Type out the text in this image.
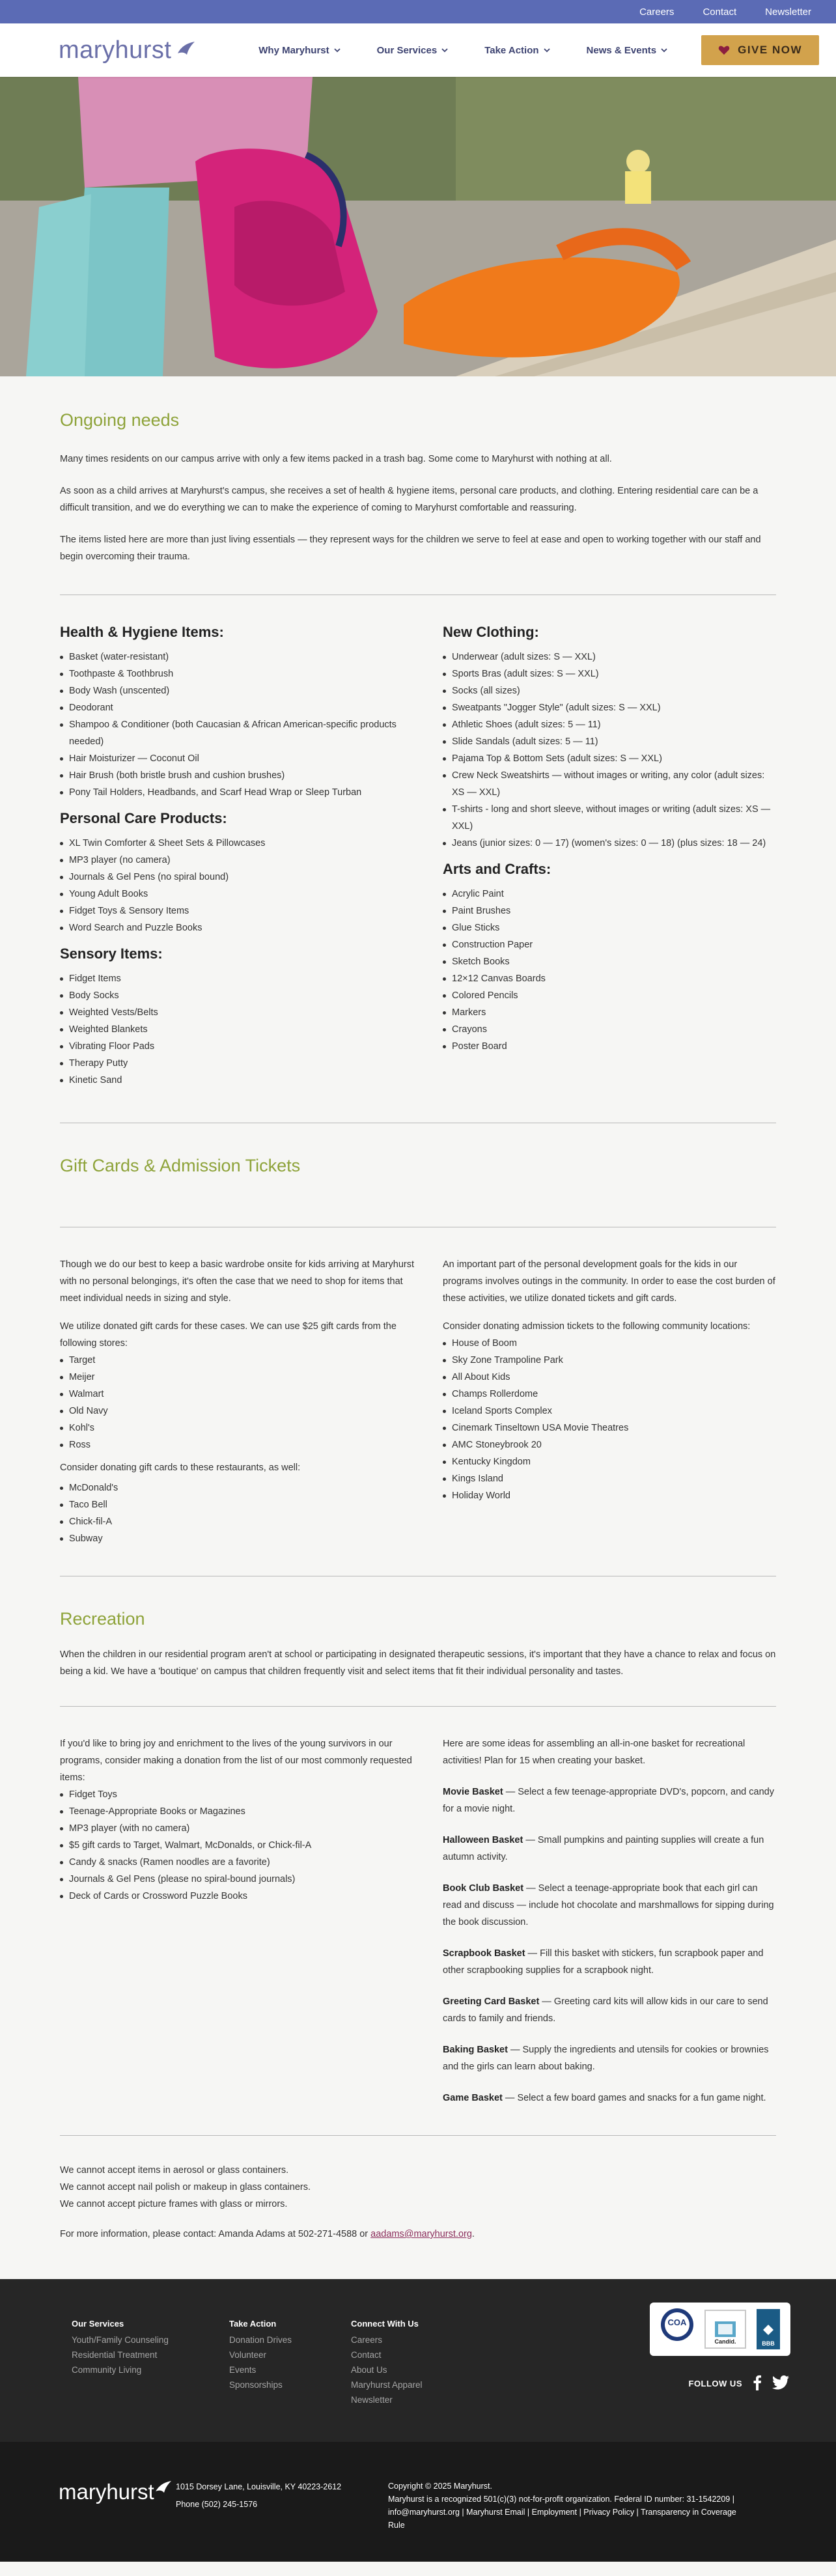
Careers	Contact	Newsletter
maryhurst	Why Maryhurst	Our Services	Take Action	News & Events	GIVE NOW
Ongoing needs

Many times residents on our campus arrive with only a few items packed in a trash bag. Some come to Maryhurst with nothing at all.

As soon as a child arrives at Maryhurst's campus, she receives a set of health & hygiene items, personal care products, and clothing. Entering residential care can be a difficult transition, and we do everything we can to make the experience of coming to Maryhurst comfortable and reassuring.

The items listed here are more than just living essentials — they represent ways for the children we serve to feel at ease and open to working together with our staff and begin overcoming their trauma.

Health & Hygiene Items:
Basket (water-resistant)
Toothpaste & Toothbrush
Body Wash (unscented)
Deodorant
Shampoo & Conditioner (both Caucasian & African American-specific products needed)
Hair Moisturizer — Coconut Oil
Hair Brush (both bristle brush and cushion brushes)
Pony Tail Holders, Headbands, and Scarf Head Wrap or Sleep Turban
Personal Care Products:
XL Twin Comforter & Sheet Sets & Pillowcases
MP3 player (no camera)
Journals & Gel Pens (no spiral bound)
Young Adult Books
Fidget Toys & Sensory Items
Word Search and Puzzle Books
Sensory Items:
Fidget Items
Body Socks
Weighted Vests/Belts
Weighted Blankets
Vibrating Floor Pads
Therapy Putty
Kinetic Sand
New Clothing:
Underwear (adult sizes: S — XXL)
Sports Bras (adult sizes: S — XXL)
Socks (all sizes)
Sweatpants "Jogger Style" (adult sizes: S — XXL)
Athletic Shoes (adult sizes: 5 — 11)
Slide Sandals (adult sizes: 5 — 11)
Pajama Top & Bottom Sets (adult sizes: S — XXL)
Crew Neck Sweatshirts — without images or writing, any color (adult sizes: XS — XXL)
T-shirts - long and short sleeve, without images or writing (adult sizes: XS — XXL)
Jeans (junior sizes: 0 — 17) (women's sizes: 0 — 18) (plus sizes: 18 — 24)
Arts and Crafts:
Acrylic Paint
Paint Brushes
Glue Sticks
Construction Paper
Sketch Books
12×12 Canvas Boards
Colored Pencils
Markers
Crayons
Poster Board
Gift Cards & Admission Tickets

Though we do our best to keep a basic wardrobe onsite for kids arriving at Maryhurst with no personal belongings, it's often the case that we need to shop for items that meet individual needs in sizing and style.

We utilize donated gift cards for these cases. We can use $25 gift cards from the following stores:

Target
Meijer
Walmart
Old Navy
Kohl's
Ross

Consider donating gift cards to these restaurants, as well:

McDonald's
Taco Bell
Chick-fil-A
Subway

An important part of the personal development goals for the kids in our programs involves outings in the community. In order to ease the cost burden of these activities, we utilize donated tickets and gift cards.

Consider donating admission tickets to the following community locations:

House of Boom
Sky Zone Trampoline Park
All About Kids
Champs Rollerdome
Iceland Sports Complex
Cinemark Tinseltown USA Movie Theatres
AMC Stoneybrook 20
Kentucky Kingdom
Kings Island
Holiday World
Recreation

When the children in our residential program aren't at school or participating in designated therapeutic sessions, it's important that they have a chance to relax and focus on being a kid. We have a 'boutique' on campus that children frequently visit and select items that fit their individual personality and tastes.

If you'd like to bring joy and enrichment to the lives of the young survivors in our programs, consider making a donation from the list of our most commonly requested items:

Fidget Toys
Teenage-Appropriate Books or Magazines
MP3 player (with no camera)
$5 gift cards to Target, Walmart, McDonalds, or Chick-fil-A
Candy & snacks (Ramen noodles are a favorite)
Journals & Gel Pens (please no spiral-bound journals)
Deck of Cards or Crossword Puzzle Books

Here are some ideas for assembling an all-in-one basket for recreational activities! Plan for 15 when creating your basket.

Movie Basket — Select a few teenage-appropriate DVD's, popcorn, and candy for a movie night.

Halloween Basket — Small pumpkins and painting supplies will create a fun autumn activity.

Book Club Basket — Select a teenage-appropriate book that each girl can read and discuss — include hot chocolate and marshmallows for sipping during the book discussion.

Scrapbook Basket — Fill this basket with stickers, fun scrapbook paper and other scrapbooking supplies for a scrapbook night.

Greeting Card Basket — Greeting card kits will allow kids in our care to send cards to family and friends.

Baking Basket — Supply the ingredients and utensils for cookies or brownies and the girls can learn about baking.

Game Basket — Select a few board games and snacks for a fun game night.

We cannot accept items in aerosol or glass containers.

We cannot accept nail polish or makeup in glass containers.

We cannot accept picture frames with glass or mirrors.

For more information, please contact: Amanda Adams at 502-271-4588 or aadams@maryhurst.org.

Our Services
Youth/Family Counseling
Residential Treatment
Community Living
Take Action
Donation Drives
Volunteer
Events
Sponsorships
Connect With Us
Careers
Contact
About Us
Maryhurst Apparel
Newsletter
COA
Candid.	BBB
FOLLOW US
maryhurst	1015 Dorsey Lane, Louisville, KY 40223-2612
Phone (502) 245-1576
Copyright © 2025 Maryhurst.
Maryhurst is a recognized 501(c)(3) not-for-profit organization. Federal ID number: 31-1542209 |
info@maryhurst.org | Maryhurst Email | Employment | Privacy Policy | Transparency in Coverage Rule
